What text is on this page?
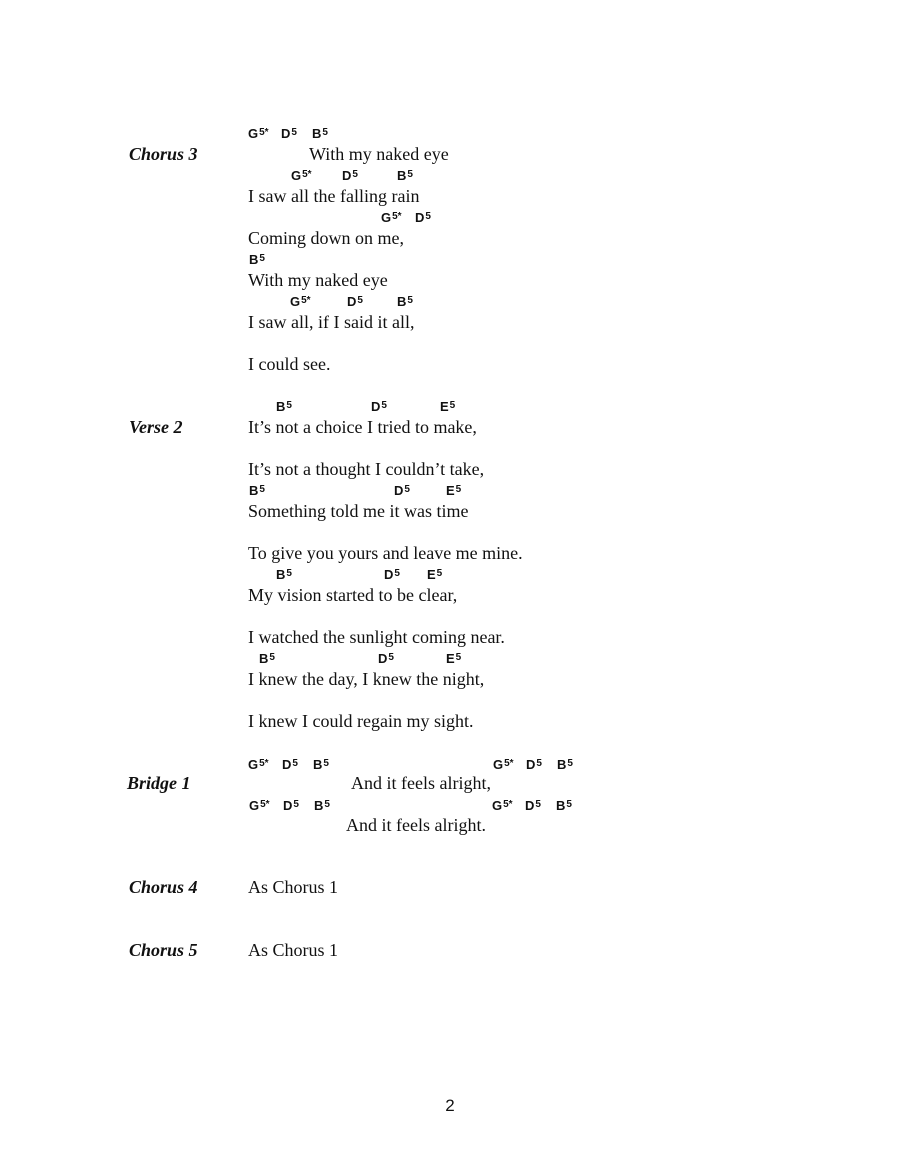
Chorus 3
$G^{5*}$ $D^5$ $B^5$
With my naked eye
$G^{5*}$ $D^5$	$B^5$
I saw all the falling rain
$G^{5*}$ $D^5$
Coming down on me,
$B^5$
With my naked eye
$G^{5*}$	$D^5$	$B^5$
I saw all, if I said it all,
I could see.
Verse 2
$B^5$	$D^5$	$E^5$
It’s not a choice I tried to make,
It’s not a thought I couldn’t take,
$B^5$	$D^5$	$E^5$
Something told me it was time
To give you yours and leave me mine.
$B^5$	$D^5$ $E^5$
My vision started to be clear,
I watched the sunlight coming near.
$B^5$	$D^5$	$E^5$
I knew the day, I knew the night,
I knew I could regain my sight.
Bridge 1
$G^{5*}$ $D^5$ $B^5$	$G^{5*}$ $D^5$ $B^5$
And it feels alright,
$G^{5*}$ $D^5$ $B^5$	$G^{5*}$ $D^5$ $B^5$
And it feels alright.
Chorus 4	As Chorus 1
Chorus 5	As Chorus 1
2
